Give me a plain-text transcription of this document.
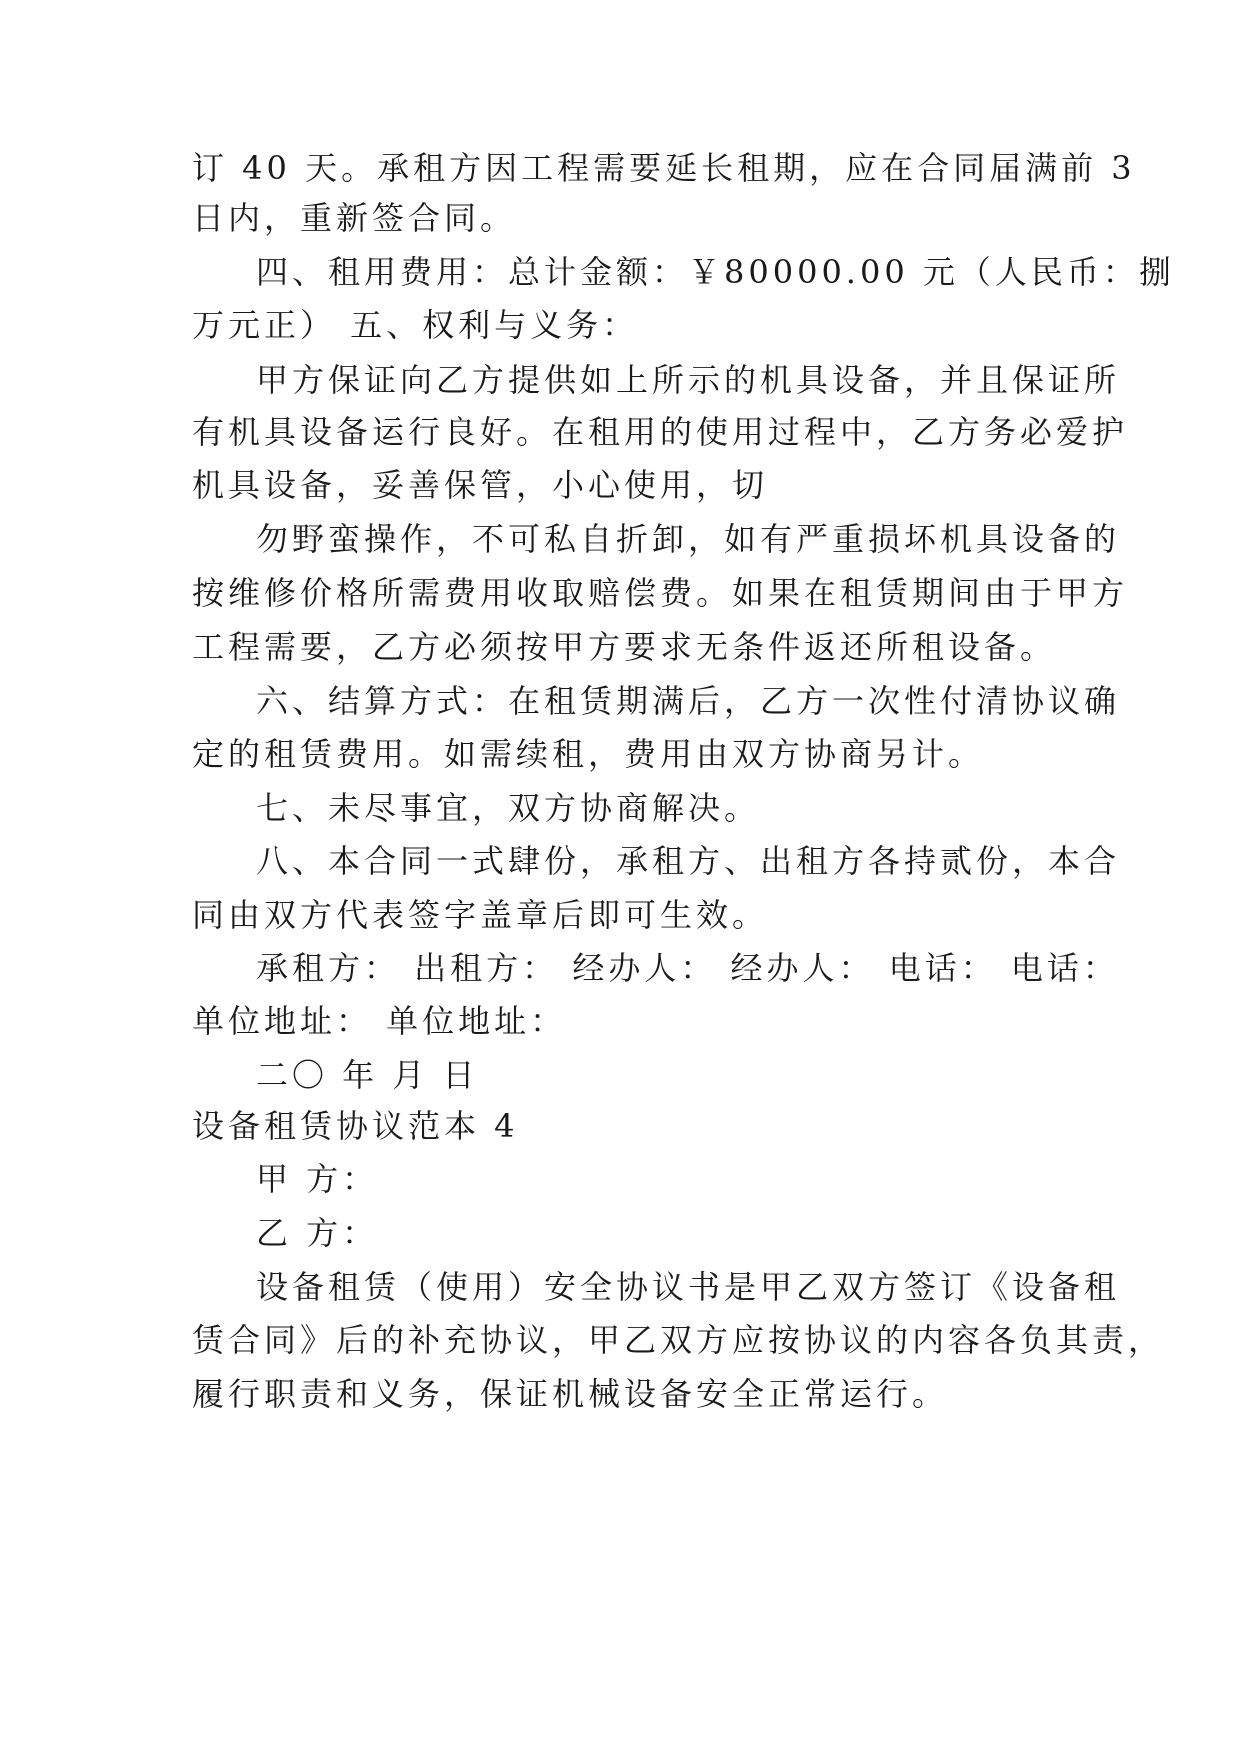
订 40 天。承租方因工程需要延长租期，应在合同届满前 3
日内，重新签合同。
四、租用费用：总计金额：￥80000.00 元（人民币：捌
万元正） 五、权利与义务：
甲方保证向乙方提供如上所示的机具设备，并且保证所
有机具设备运行良好。在租用的使用过程中，乙方务必爱护
机具设备，妥善保管，小心使用，切
勿野蛮操作，不可私自折卸，如有严重损坏机具设备的
按维修价格所需费用收取赔偿费。如果在租赁期间由于甲方
工程需要，乙方必须按甲方要求无条件返还所租设备。
六、结算方式：在租赁期满后，乙方一次性付清协议确
定的租赁费用。如需续租，费用由双方协商另计。
七、未尽事宜，双方协商解决。
八、本合同一式肆份，承租方、出租方各持贰份，本合
同由双方代表签字盖章后即可生效。
承租方： 出租方： 经办人： 经办人： 电话： 电话：
单位地址： 单位地址：
二〇 年 月 日
设备租赁协议范本 4
甲 方：
乙 方：
设备租赁（使用）安全协议书是甲乙双方签订《设备租
赁合同》后的补充协议，甲乙双方应按协议的内容各负其责，
履行职责和义务，保证机械设备安全正常运行。
